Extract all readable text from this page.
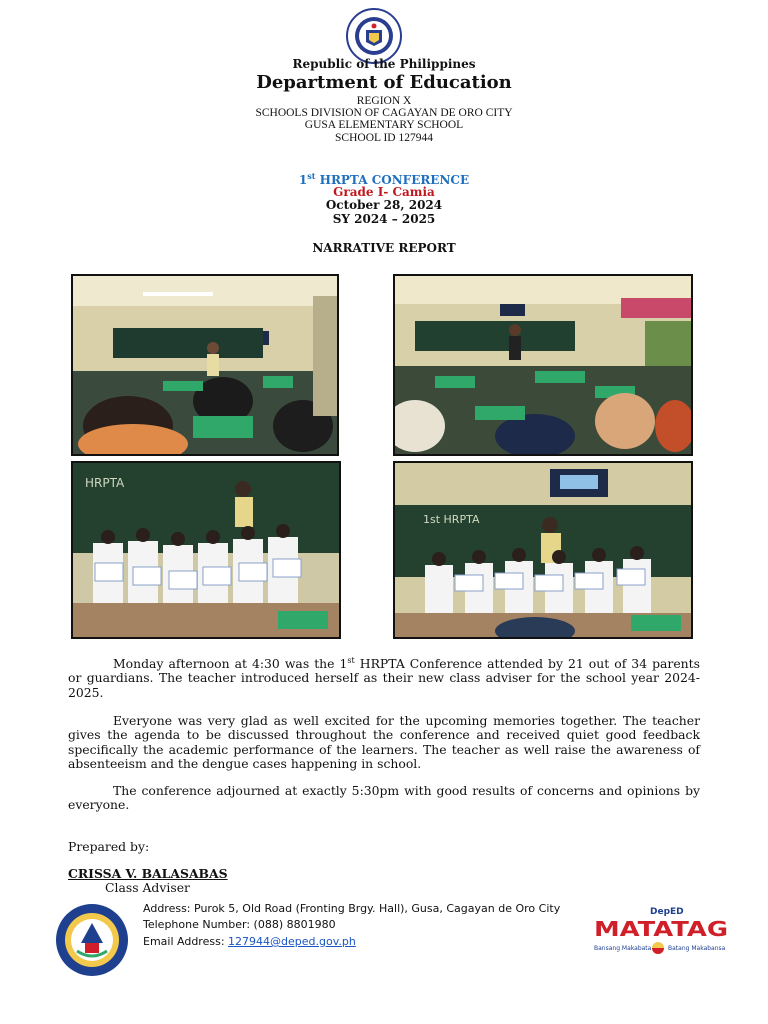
Republic of the Philippines
Department of Education
REGION X
SCHOOLS DIVISION OF CAGAYAN DE ORO CITY
GUSA ELEMENTARY SCHOOL
SCHOOL ID 127944
1st HRPTA CONFERENCE
Grade I- Camia
October 28, 2024
SY 2024 – 2025
NARRATIVE REPORT
HRPTA
1st HRPTA
Monday afternoon at 4:30 was the 1st HRPTA Conference attended by 21 out of 34 parents or guardians. The teacher introduced herself as their new class adviser for the school year 2024-2025.
Everyone was very glad as well excited for the upcoming memories together. The teacher gives the agenda to be discussed throughout the conference and received quiet good feedback specifically the academic performance of the learners. The teacher as well raise the awareness of absenteeism and the dengue cases happening in school.
The conference adjourned at exactly 5:30pm with good results of concerns and opinions by everyone.
Prepared by:
CRISSA V. BALASABAS
Class Adviser
Address: Purok 5, Old Road (Fronting Brgy. Hall), Gusa, Cagayan de Oro City
Telephone Number: (088) 8801980
Email Address: 127944@deped.gov.ph
DepED
MATATAG
Bansang Makabata	Batang Makabansa
